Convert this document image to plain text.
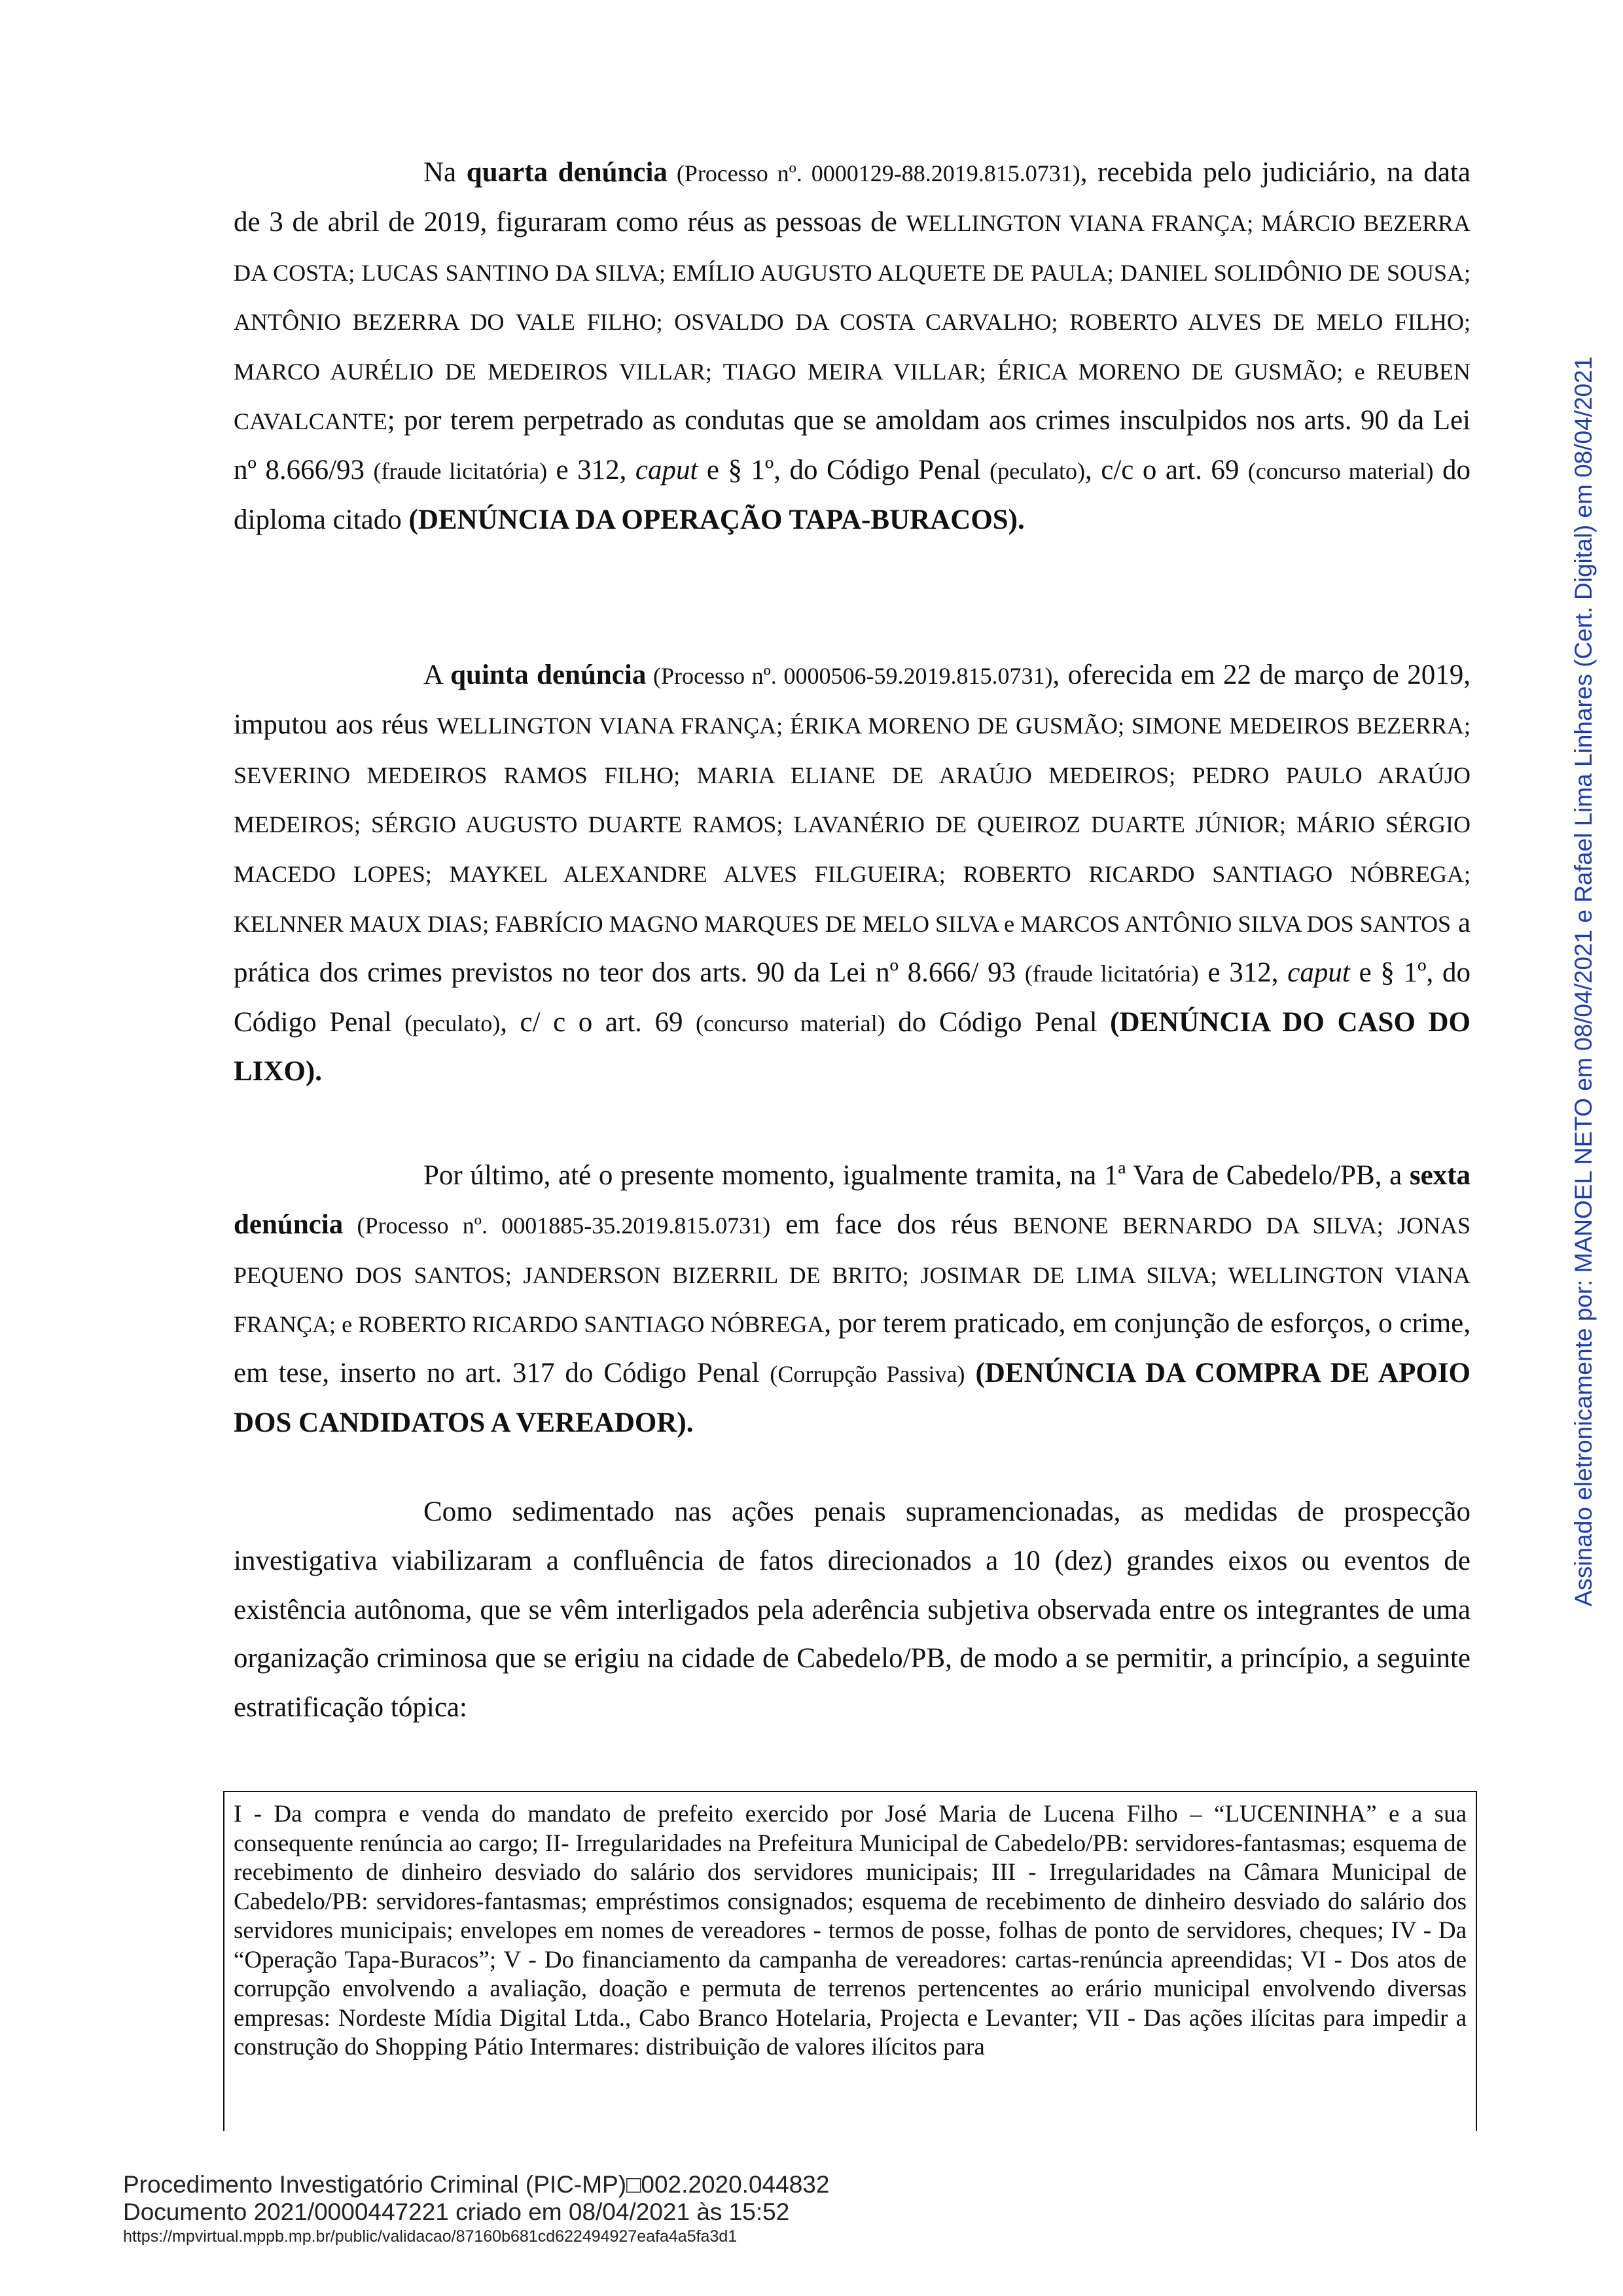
Na quarta denúncia (Processo nº. 0000129-88.2019.815.0731), recebida pelo judiciário, na data de 3 de abril de 2019, figuraram como réus as pessoas de WELLINGTON VIANA FRANÇA; MÁRCIO BEZERRA DA COSTA; LUCAS SANTINO DA SILVA; EMÍLIO AUGUSTO ALQUETE DE PAULA; DANIEL SOLIDÔNIO DE SOUSA; ANTÔNIO BEZERRA DO VALE FILHO; OSVALDO DA COSTA CARVALHO; ROBERTO ALVES DE MELO FILHO; MARCO AURÉLIO DE MEDEIROS VILLAR; TIAGO MEIRA VILLAR; ÉRICA MORENO DE GUSMÃO; e REUBEN CAVALCANTE; por terem perpetrado as condutas que se amoldam aos crimes insculpidos nos arts. 90 da Lei nº 8.666/93 (fraude licitatória) e 312, caput e § 1º, do Código Penal (peculato), c/c o art. 69 (concurso material) do diploma citado (DENÚNCIA DA OPERAÇÃO TAPA-BURACOS).
A quinta denúncia (Processo nº. 0000506-59.2019.815.0731), oferecida em 22 de março de 2019, imputou aos réus WELLINGTON VIANA FRANÇA; ÉRIKA MORENO DE GUSMÃO; SIMONE MEDEIROS BEZERRA; SEVERINO MEDEIROS RAMOS FILHO; MARIA ELIANE DE ARAÚJO MEDEIROS; PEDRO PAULO ARAÚJO MEDEIROS; SÉRGIO AUGUSTO DUARTE RAMOS; LAVANÉRIO DE QUEIROZ DUARTE JÚNIOR; MÁRIO SÉRGIO MACEDO LOPES; MAYKEL ALEXANDRE ALVES FILGUEIRA; ROBERTO RICARDO SANTIAGO NÓBREGA; KELNNER MAUX DIAS; FABRÍCIO MAGNO MARQUES DE MELO SILVA e MARCOS ANTÔNIO SILVA DOS SANTOS a prática dos crimes previstos no teor dos arts. 90 da Lei nº 8.666/ 93 (fraude licitatória) e 312, caput e § 1º, do Código Penal (peculato), c/ c o art. 69 (concurso material) do Código Penal (DENÚNCIA DO CASO DO LIXO).
Por último, até o presente momento, igualmente tramita, na 1ª Vara de Cabedelo/PB, a sexta denúncia (Processo nº. 0001885-35.2019.815.0731) em face dos réus BENONE BERNARDO DA SILVA; JONAS PEQUENO DOS SANTOS; JANDERSON BIZERRIL DE BRITO; JOSIMAR DE LIMA SILVA; WELLINGTON VIANA FRANÇA; e ROBERTO RICARDO SANTIAGO NÓBREGA, por terem praticado, em conjunção de esforços, o crime, em tese, inserto no art. 317 do Código Penal (Corrupção Passiva) (DENÚNCIA DA COMPRA DE APOIO DOS CANDIDATOS A VEREADOR).
Como sedimentado nas ações penais supramencionadas, as medidas de prospecção investigativa viabilizaram a confluência de fatos direcionados a 10 (dez) grandes eixos ou eventos de existência autônoma, que se vêm interligados pela aderência subjetiva observada entre os integrantes de uma organização criminosa que se erigiu na cidade de Cabedelo/PB, de modo a se permitir, a princípio, a seguinte estratificação tópica:

I - Da compra e venda do mandato de prefeito exercido por José Maria de Lucena Filho – “LUCENINHA” e a sua consequente renúncia ao cargo; II- Irregularidades na Prefeitura Municipal de Cabedelo/PB: servidores-fantasmas; esquema de recebimento de dinheiro desviado do salário dos servidores municipais; III - Irregularidades na Câmara Municipal de Cabedelo/PB: servidores-fantasmas; empréstimos consignados; esquema de recebimento de dinheiro desviado do salário dos servidores municipais; envelopes em nomes de vereadores - termos de posse, folhas de ponto de servidores, cheques; IV - Da “Operação Tapa-Buracos”; V - Do financiamento da campanha de vereadores: cartas-renúncia apreendidas; VI - Dos atos de corrupção envolvendo a avaliação, doação e permuta de terrenos pertencentes ao erário municipal envolvendo diversas empresas: Nordeste Mídia Digital Ltda., Cabo Branco Hotelaria, Projecta e Levanter; VII - Das ações ilícitas para impedir a construção do Shopping Pátio Intermares: distribuição de valores ilícitos para

Assinado eletronicamente por: MANOEL NETO em 08/04/2021 e Rafael Lima Linhares (Cert. Digital) em 08/04/2021
Procedimento Investigatório Criminal (PIC-MP)□002.2020.044832
Documento 2021/0000447221 criado em 08/04/2021 às 15:52
https://mpvirtual.mppb.mp.br/public/validacao/87160b681cd622494927eafa4a5fa3d1
